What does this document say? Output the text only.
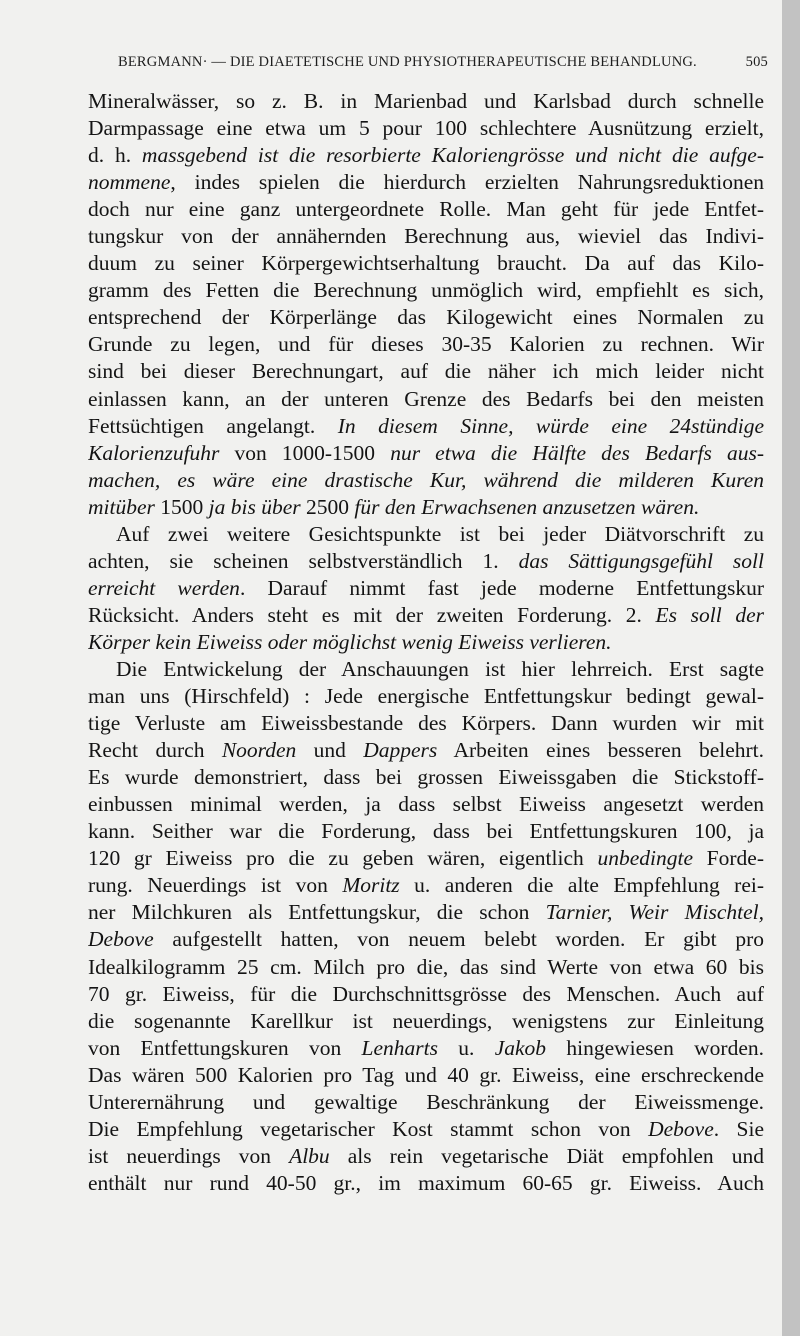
BERGMANN· — DIE DIAETETISCHE UND PHYSIOTHERAPEUTISCHE BEHANDLUNG.	505
Mineralwässer, so z. B. in Marienbad und Karlsbad durch schnelle
Darmpassage eine etwa um 5 pour 100 schlechtere Ausnützung erzielt,
d. h. massgebend ist die resorbierte Kaloriengrösse und nicht die aufge-
nommene, indes spielen die hierdurch erzielten Nahrungsreduktionen
doch nur eine ganz untergeordnete Rolle. Man geht für jede Entfet-
tungskur von der annähernden Berechnung aus, wieviel das Indivi-
duum zu seiner Körpergewichtserhaltung braucht. Da auf das Kilo-
gramm des Fetten die Berechnung unmöglich wird, empfiehlt es sich,
entsprechend der Körperlänge das Kilogewicht eines Normalen zu
Grunde zu legen, und für dieses 30-35 Kalorien zu rechnen. Wir
sind bei dieser Berechnungart, auf die näher ich mich leider nicht
einlassen kann, an der unteren Grenze des Bedarfs bei den meisten
Fettsüchtigen angelangt. In diesem Sinne, würde eine 24stündige
Kalorienzufuhr von 1000-1500 nur etwa die Hälfte des Bedarfs aus-
machen, es wäre eine drastische Kur, während die milderen Kuren
mitüber 1500 ja bis über 2500 für den Erwachsenen anzusetzen wären.
Auf zwei weitere Gesichtspunkte ist bei jeder Diätvorschrift zu
achten, sie scheinen selbstverständlich 1. das Sättigungsgefühl soll
erreicht werden. Darauf nimmt fast jede moderne Entfettungskur
Rücksicht. Anders steht es mit der zweiten Forderung. 2. Es soll der
Körper kein Eiweiss oder möglichst wenig Eiweiss verlieren.
Die Entwickelung der Anschauungen ist hier lehrreich. Erst sagte
man uns (Hirschfeld) : Jede energische Entfettungskur bedingt gewal-
tige Verluste am Eiweissbestande des Körpers. Dann wurden wir mit
Recht durch Noorden und Dappers Arbeiten eines besseren belehrt.
Es wurde demonstriert, dass bei grossen Eiweissgaben die Stickstoff-
einbussen minimal werden, ja dass selbst Eiweiss angesetzt werden
kann. Seither war die Forderung, dass bei Entfettungskuren 100, ja
120 gr Eiweiss pro die zu geben wären, eigentlich unbedingte Forde-
rung. Neuerdings ist von Moritz u. anderen die alte Empfehlung rei-
ner Milchkuren als Entfettungskur, die schon Tarnier, Weir Mischtel,
Debove aufgestellt hatten, von neuem belebt worden. Er gibt pro
Idealkilogramm 25 cm. Milch pro die, das sind Werte von etwa 60 bis
70 gr. Eiweiss, für die Durchschnittsgrösse des Menschen. Auch auf
die sogenannte Karellkur ist neuerdings, wenigstens zur Einleitung
von Entfettungskuren von Lenharts u. Jakob hingewiesen worden.
Das wären 500 Kalorien pro Tag und 40 gr. Eiweiss, eine erschreckende
Unterernährung und gewaltige Beschränkung der Eiweissmenge.
Die Empfehlung vegetarischer Kost stammt schon von Debove. Sie
ist neuerdings von Albu als rein vegetarische Diät empfohlen und
enthält nur rund 40-50 gr., im maximum 60-65 gr. Eiweiss. Auch
